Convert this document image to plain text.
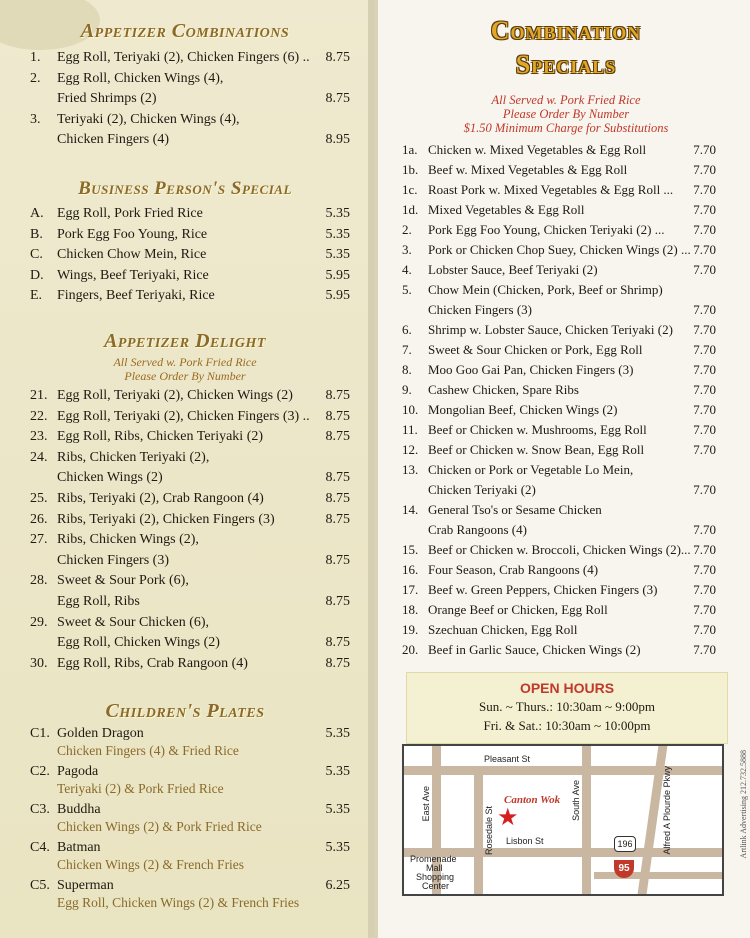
Appetizer Combinations
1. Egg Roll, Teriyaki (2), Chicken Fingers (6) .. 8.75
2. Egg Roll, Chicken Wings (4),
Fried Shrimps (2)	8.75
3. Teriyaki (2), Chicken Wings (4),
Chicken Fingers (4)	8.95
Business Person's Special
A. Egg Roll, Pork Fried Rice	5.35
B. Pork Egg Foo Young, Rice	5.35
C. Chicken Chow Mein, Rice	5.35
D. Wings, Beef Teriyaki, Rice	5.95
E. Fingers, Beef Teriyaki, Rice	5.95
Appetizer Delight
All Served w. Pork Fried Rice
Please Order By Number
21. Egg Roll, Teriyaki (2), Chicken Wings (2) 8.75
22. Egg Roll, Teriyaki (2), Chicken Fingers (3) .. 8.75
23. Egg Roll, Ribs, Chicken Teriyaki (2)	8.75
24. Ribs, Chicken Teriyaki (2),
Chicken Wings (2)	8.75
25. Ribs, Teriyaki (2), Crab Rangoon (4)	8.75
26. Ribs, Teriyaki (2), Chicken Fingers (3)	8.75
27. Ribs, Chicken Wings (2),
Chicken Fingers (3)	8.75
28. Sweet & Sour Pork (6),
Egg Roll, Ribs	8.75
29. Sweet & Sour Chicken (6),
Egg Roll, Chicken Wings (2)	8.75
30. Egg Roll, Ribs, Crab Rangoon (4)	8.75
Children's Plates
C1. Golden Dragon	5.35
Chicken Fingers (4) & Fried Rice
C2. Pagoda	5.35
Teriyaki (2) & Pork Fried Rice
C3. Buddha	5.35
Chicken Wings (2) & Pork Fried Rice
C4. Batman	5.35
Chicken Wings (2) & French Fries
C5. Superman	6.25
Egg Roll, Chicken Wings (2) & French Fries
Combination
Specials
All Served w. Pork Fried Rice
Please Order By Number
$1.50 Minimum Charge for Substitutions
1a. Chicken w. Mixed Vegetables & Egg Roll	7.70
1b. Beef w. Mixed Vegetables & Egg Roll	7.70
1c. Roast Pork w. Mixed Vegetables & Egg Roll ... 7.70
1d. Mixed Vegetables & Egg Roll	7.70
2. Pork Egg Foo Young, Chicken Teriyaki (2) ... 7.70
3. Pork or Chicken Chop Suey, Chicken Wings (2) ... 7.70
4. Lobster Sauce, Beef Teriyaki (2)	7.70
5. Chow Mein (Chicken, Pork, Beef or Shrimp)
Chicken Fingers (3)	7.70
6. Shrimp w. Lobster Sauce, Chicken Teriyaki (2) 7.70
7. Sweet & Sour Chicken or Pork, Egg Roll	7.70
8. Moo Goo Gai Pan, Chicken Fingers (3)	7.70
9. Cashew Chicken, Spare Ribs	7.70
10. Mongolian Beef, Chicken Wings (2)	7.70
11. Beef or Chicken w. Mushrooms, Egg Roll	7.70
12. Beef or Chicken w. Snow Bean, Egg Roll	7.70
13. Chicken or Pork or Vegetable Lo Mein,
Chicken Teriyaki (2)	7.70
14. General Tso's or Sesame Chicken
Crab Rangoons (4)	7.70
15. Beef or Chicken w. Broccoli, Chicken Wings (2)... 7.70
16. Four Season, Crab Rangoons (4)	7.70
17. Beef w. Green Peppers, Chicken Fingers (3)	7.70
18. Orange Beef or Chicken, Egg Roll	7.70
19. Szechuan Chicken, Egg Roll	7.70
20. Beef in Garlic Sauce, Chicken Wings (2)	7.70
OPEN HOURS
Sun. ~ Thurs.: 10:30am ~ 9:00pm
Fri. & Sat.: 10:30am ~ 10:00pm
Pleasant St
East Ave
Rosedale St
South Ave
Lisbon St	Alfred A Plourde Pkwy
Canton Wok
★
196
95
Promenade
Mall
Shopping
Center
Artlink Advertising 212.732.5888
